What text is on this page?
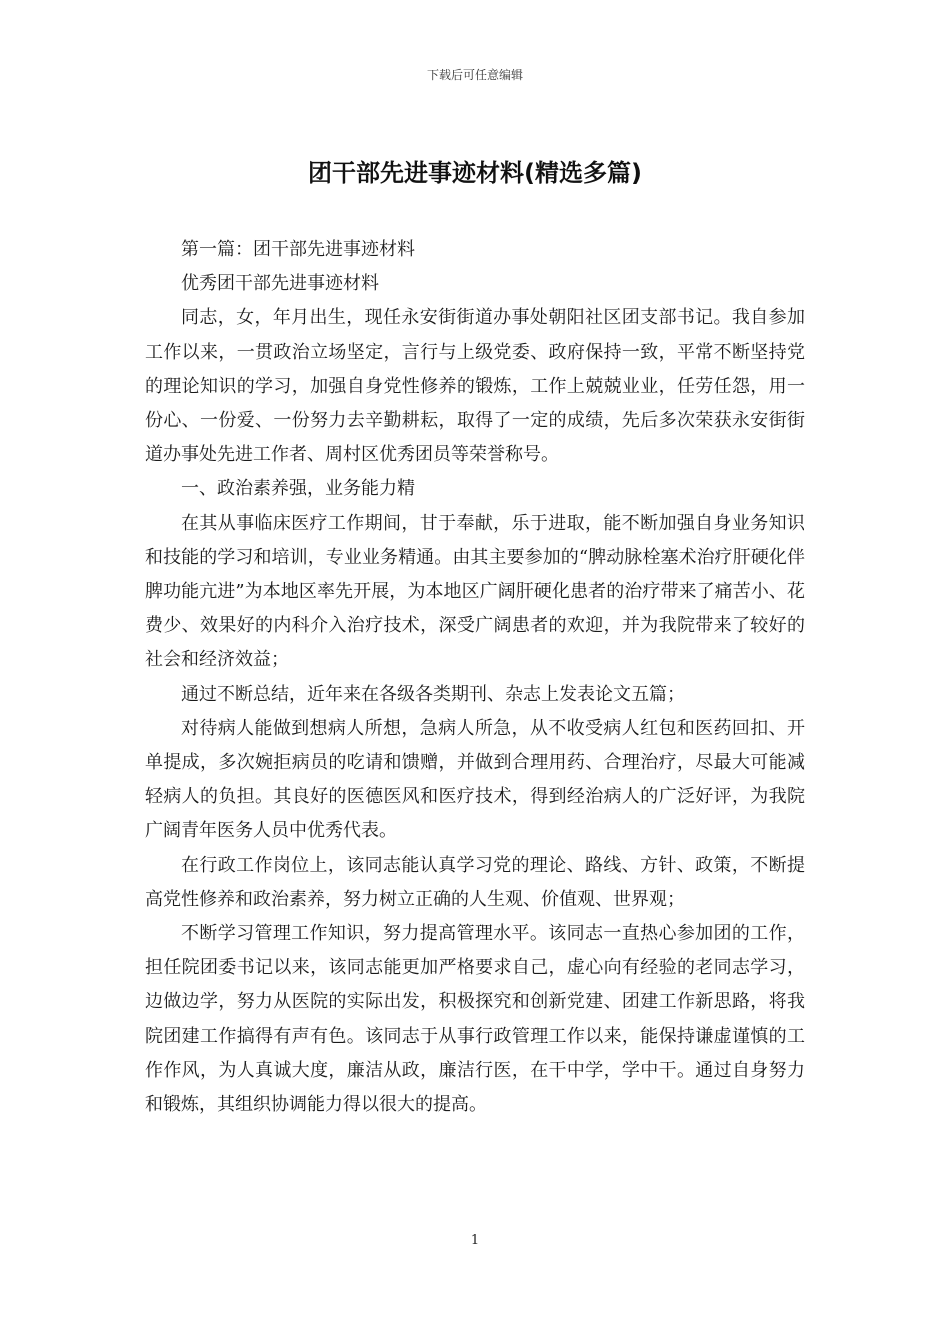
下载后可任意编辑
团干部先进事迹材料(精选多篇)

第一篇：团干部先进事迹材料

优秀团干部先进事迹材料

同志，女，年月出生，现任永安街街道办事处朝阳社区团支部书记。我自参加工作以来，一贯政治立场坚定，言行与上级党委、政府保持一致，平常不断坚持党的理论知识的学习，加强自身党性修养的锻炼，工作上兢兢业业，任劳任怨，用一份心、一份爱、一份努力去辛勤耕耘，取得了一定的成绩，先后多次荣获永安街街道办事处先进工作者、周村区优秀团员等荣誉称号。

一、政治素养强，业务能力精

在其从事临床医疗工作期间，甘于奉献，乐于进取，能不断加强自身业务知识和技能的学习和培训，专业业务精通。由其主要参加的“脾动脉栓塞术治疗肝硬化伴脾功能亢进”为本地区率先开展，为本地区广阔肝硬化患者的治疗带来了痛苦小、花费少、效果好的内科介入治疗技术，深受广阔患者的欢迎，并为我院带来了较好的社会和经济效益；

通过不断总结，近年来在各级各类期刊、杂志上发表论文五篇；

对待病人能做到想病人所想，急病人所急，从不收受病人红包和医药回扣、开单提成，多次婉拒病员的吃请和馈赠，并做到合理用药、合理治疗，尽最大可能减轻病人的负担。其良好的医德医风和医疗技术，得到经治病人的广泛好评，为我院广阔青年医务人员中优秀代表。

在行政工作岗位上，该同志能认真学习党的理论、路线、方针、政策，不断提高党性修养和政治素养，努力树立正确的人生观、价值观、世界观；

不断学习管理工作知识，努力提高管理水平。该同志一直热心参加团的工作，担任院团委书记以来，该同志能更加严格要求自己，虚心向有经验的老同志学习，边做边学，努力从医院的实际出发，积极探究和创新党建、团建工作新思路，将我院团建工作搞得有声有色。该同志于从事行政管理工作以来，能保持谦虚谨慎的工作作风，为人真诚大度，廉洁从政，廉洁行医，在干中学，学中干。通过自身努力和锻炼，其组织协调能力得以很大的提高。

1
